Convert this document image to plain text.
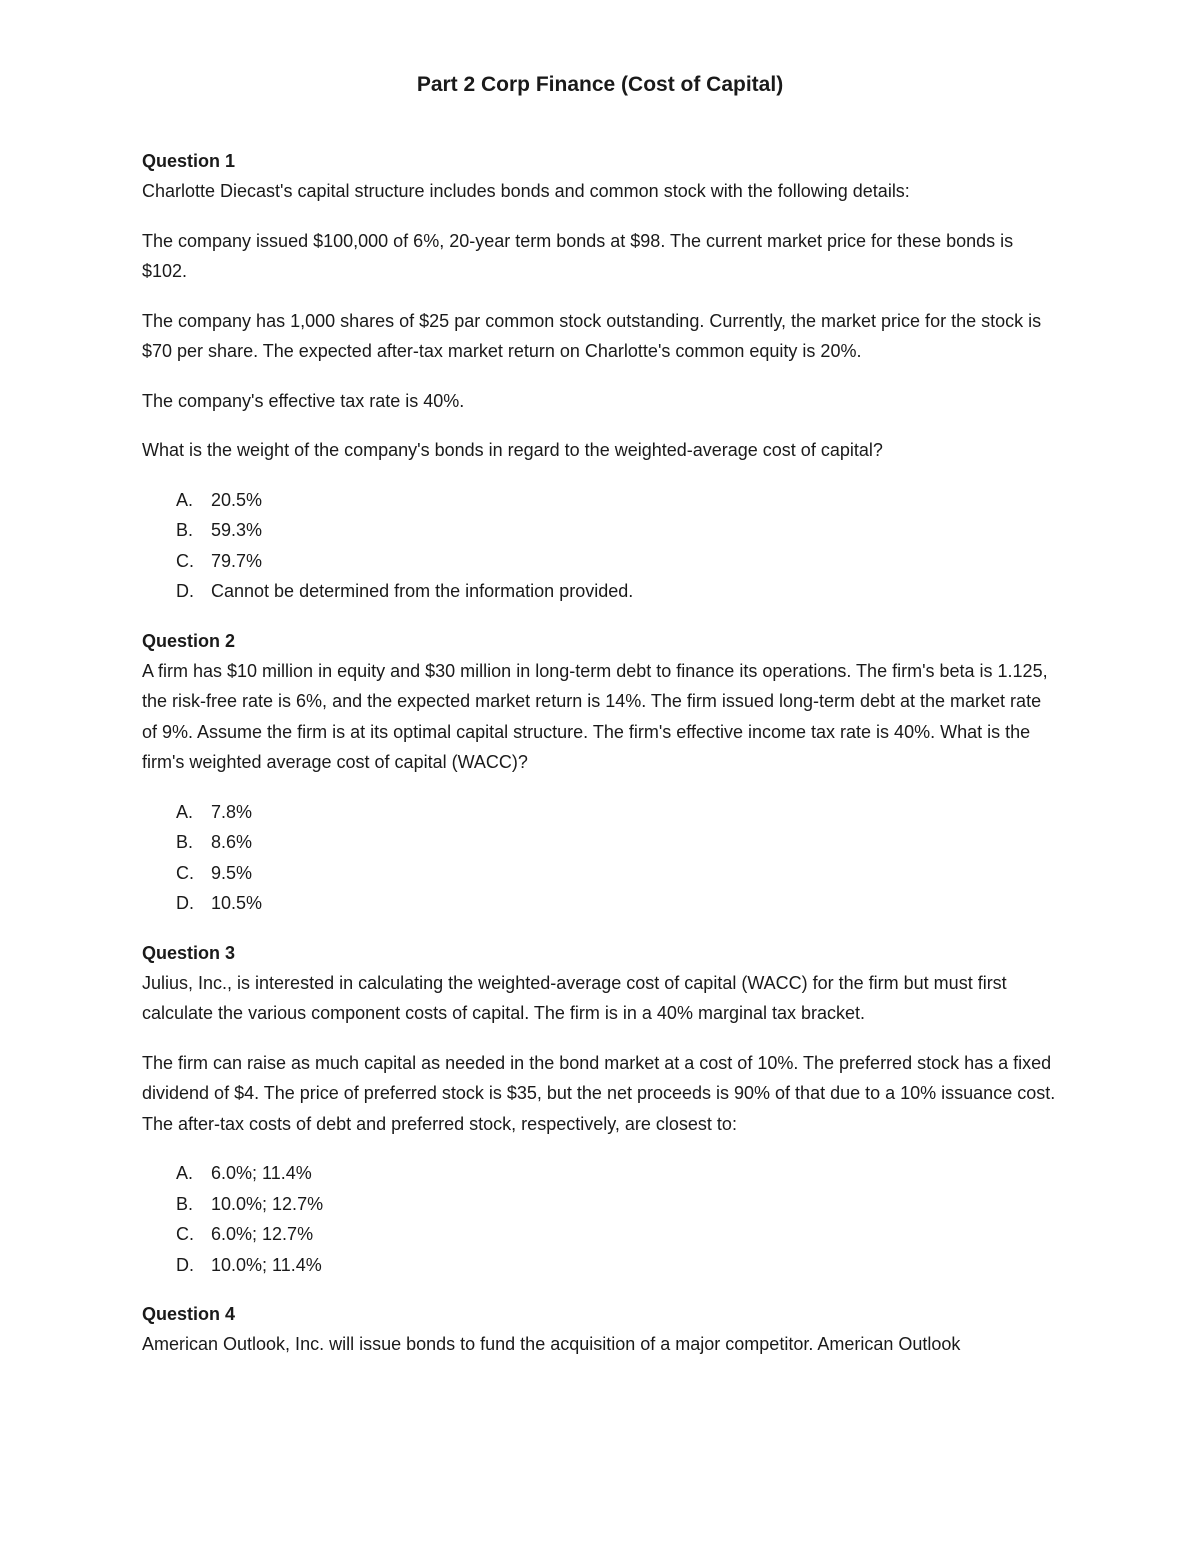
Part 2 Corp Finance (Cost of Capital)
Question 1

Charlotte Diecast's capital structure includes bonds and common stock with the following details:

The company issued $100,000 of 6%, 20-year term bonds at $98. The current market price for these bonds is $102.

The company has 1,000 shares of $25 par common stock outstanding. Currently, the market price for the stock is $70 per share. The expected after-tax market return on Charlotte's common equity is 20%.

The company's effective tax rate is 40%.

What is the weight of the company's bonds in regard to the weighted-average cost of capital?

A. 20.5%
B. 59.3%
C. 79.7%
D. Cannot be determined from the information provided.
Question 2

A firm has $10 million in equity and $30 million in long-term debt to finance its operations. The firm's beta is 1.125, the risk-free rate is 6%, and the expected market return is 14%. The firm issued long-term debt at the market rate of 9%. Assume the firm is at its optimal capital structure. The firm's effective income tax rate is 40%. What is the firm's weighted average cost of capital (WACC)?

A. 7.8%
B. 8.6%
C. 9.5%
D. 10.5%
Question 3

Julius, Inc., is interested in calculating the weighted-average cost of capital (WACC) for the firm but must first calculate the various component costs of capital. The firm is in a 40% marginal tax bracket.

The firm can raise as much capital as needed in the bond market at a cost of 10%. The preferred stock has a fixed dividend of $4. The price of preferred stock is $35, but the net proceeds is 90% of that due to a 10% issuance cost. The after-tax costs of debt and preferred stock, respectively, are closest to:

A. 6.0%; 11.4%
B. 10.0%; 12.7%
C. 6.0%; 12.7%
D. 10.0%; 11.4%
Question 4

American Outlook, Inc. will issue bonds to fund the acquisition of a major competitor. American Outlook
